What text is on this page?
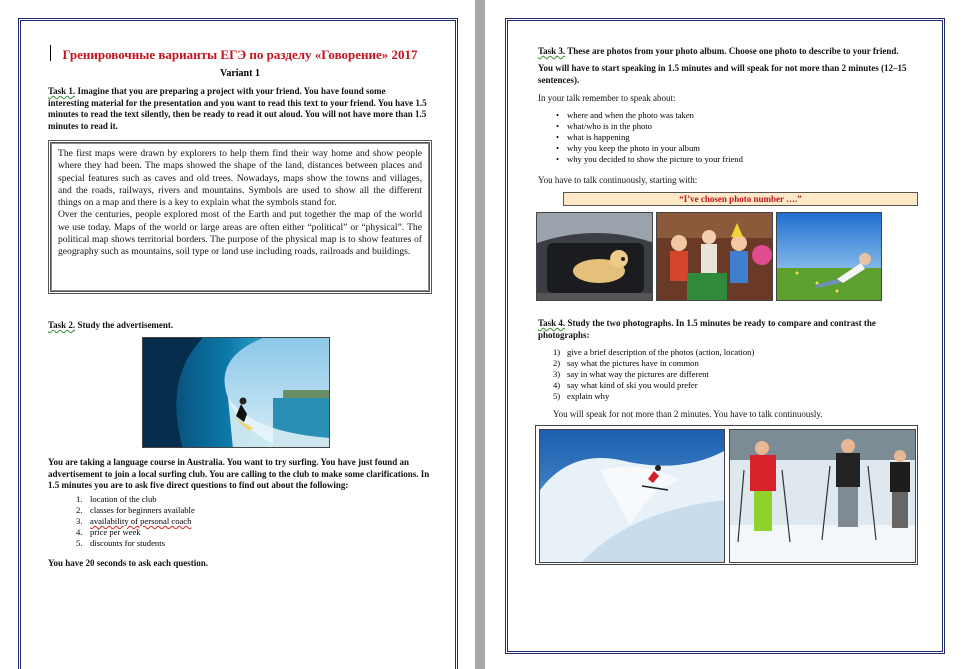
Гренировочные варианты ЕГЭ по разделу «Говорение» 2017
Variant 1
Task 1. Imagine that you are preparing a project with your friend. You have found some
interesting material for the presentation and you want to read this text to your friend. You have 1.5
minutes to read the text silently, then be ready to read it out aloud. You will not have more than 1.5
minutes to read it.

The first maps were drawn by explorers to help them find their way home and show people where they had been. The maps showed the shape of the land, distances between places and special features such as caves and old trees. Nowadays, maps show the towns and villages, and the roads, railways, rivers and mountains. Symbols are used to show all the different things on a map and there is a key to explain what the symbols stand for.

Over the centuries, people explored most of the Earth and put together the map of the world we use today. Maps of the world or large areas are often either “political” or “physical”. The political map shows territorial borders. The purpose of the physical map is to show features of geography such as mountains, soil type or land use including roads, railroads and buildings.

Task 2. Study the advertisement.
You are taking a language course in Australia. You want to try surfing. You have just found an
advertisement to join a local surfing club. You are calling to the club to make some clarifications. In
1.5 minutes you are to ask five direct questions to find out about the following:
1. location of the club
2. classes for beginners available
3. availability of personal coach
4. price per week
5. discounts for students
You have 20 seconds to ask each question.
Task 3. These are photos from your photo album. Choose one photo to describe to your friend.
You will have to start speaking in 1.5 minutes and will speak for not more than 2 minutes (12–15
sentences).
In your talk remember to speak about:
• where and when the photo was taken
• what/who is in the photo
• what is happening
• why you keep the photo in your album
• why you decided to show the picture to your friend
You have to talk continuously, starting with:
“I’ve chosen photo number ….”
Task 4. Study the two photographs. In 1.5 minutes be ready to compare and contrast the
photographs:
1) give a brief description of the photos (action, location)
2) say what the pictures have in common
3) say in what way the pictures are different
4) say what kind of ski you would prefer
5) explain why
You will speak for not more than 2 minutes. You have to talk continuously.
